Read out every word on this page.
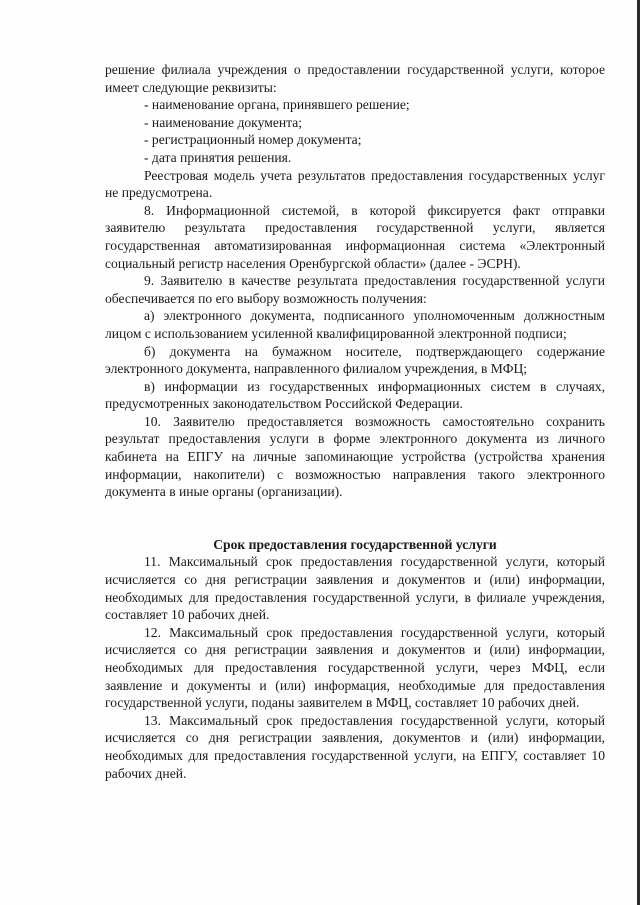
решение филиала учреждения о предоставлении государственной услуги, которое имеет следующие реквизиты:

- наименование органа, принявшего решение;

- наименование документа;

- регистрационный номер документа;

- дата принятия решения.

Реестровая модель учета результатов предоставления государственных услуг не предусмотрена.

8. Информационной системой, в которой фиксируется факт отправки заявителю результата предоставления государственной услуги, является государственная автоматизированная информационная система «Электронный социальный регистр населения Оренбургской области» (далее - ЭСРН).

9. Заявителю в качестве результата предоставления государственной услуги обеспечивается по его выбору возможность получения:

а) электронного документа, подписанного уполномоченным должностным лицом с использованием усиленной квалифицированной электронной подписи;

б) документа на бумажном носителе, подтверждающего содержание электронного документа, направленного филиалом учреждения, в МФЦ;

в) информации из государственных информационных систем в случаях, предусмотренных законодательством Российской Федерации.

10. Заявителю предоставляется возможность самостоятельно сохранить результат предоставления услуги в форме электронного документа из личного кабинета на ЕПГУ на личные запоминающие устройства (устройства хранения информации, накопители) с возможностью направления такого электронного документа в иные органы (организации).

Срок предоставления государственной услуги

11. Максимальный срок предоставления государственной услуги, который исчисляется со дня регистрации заявления и документов и (или) информации, необходимых для предоставления государственной услуги, в филиале учреждения, составляет 10 рабочих дней.

12. Максимальный срок предоставления государственной услуги, который исчисляется со дня регистрации заявления и документов и (или) информации, необходимых для предоставления государственной услуги, через МФЦ, если заявление и документы и (или) информация, необходимые для предоставления государственной услуги, поданы заявителем в МФЦ, составляет 10 рабочих дней.

13. Максимальный срок предоставления государственной услуги, который исчисляется со дня регистрации заявления, документов и (или) информации, необходимых для предоставления государственной услуги, на ЕПГУ, составляет 10 рабочих дней.
